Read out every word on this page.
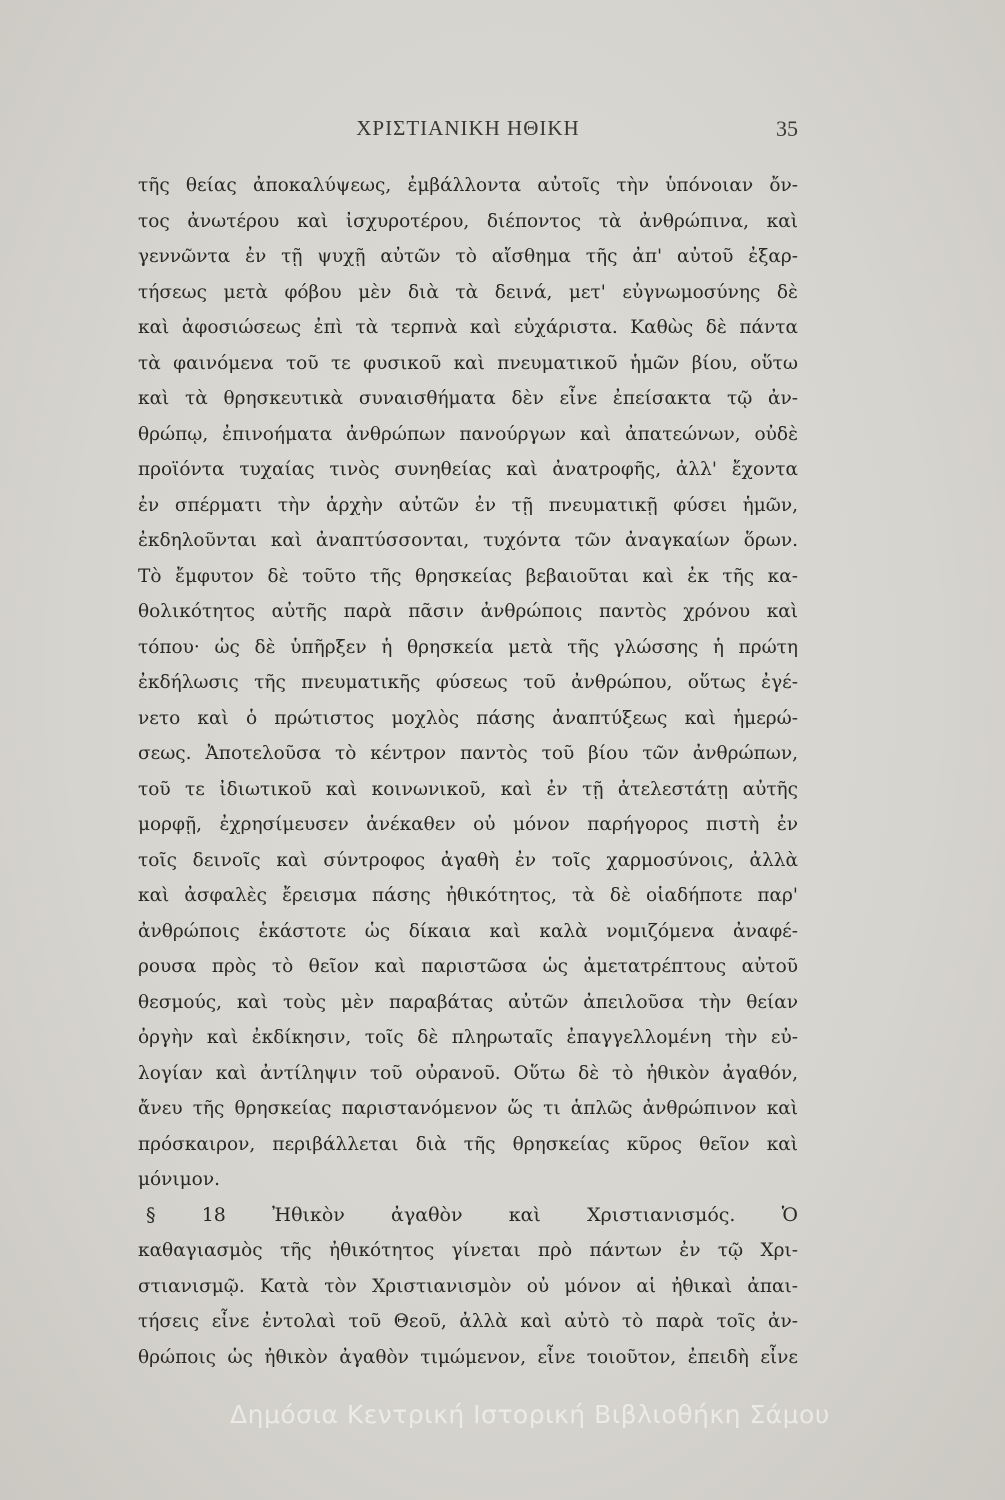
ΧΡΙΣΤΙΑΝΙΚΗ ΗΘΙΚΗ	35
τῆς θείας ἀποκαλύψεως, ἐμβάλλοντα αὐτοῖς τὴν ὑπόνοιαν ὄν-
τος ἀνωτέρου καὶ ἰσχυροτέρου, διέποντος τὰ ἀνθρώπινα, καὶ
γεννῶντα ἐν τῇ ψυχῇ αὐτῶν τὸ αἴσθημα τῆς ἀπ' αὐτοῦ ἐξαρ-
τήσεως μετὰ φόβου μὲν διὰ τὰ δεινά, μετ' εὐγνωμοσύνης δὲ
καὶ ἀφοσιώσεως ἐπὶ τὰ τερπνὰ καὶ εὐχάριστα. Καθὼς δὲ πάντα
τὰ φαινόμενα τοῦ τε φυσικοῦ καὶ πνευματικοῦ ἡμῶν βίου, οὕτω
καὶ τὰ θρησκευτικὰ συναισθήματα δὲν εἶνε ἐπείσακτα τῷ ἀν-
θρώπῳ, ἐπινοήματα ἀνθρώπων πανούργων καὶ ἀπατεώνων, οὐδὲ
προϊόντα τυχαίας τινὸς συνηθείας καὶ ἀνατροφῆς, ἀλλ' ἔχοντα
ἐν σπέρματι τὴν ἀρχὴν αὐτῶν ἐν τῇ πνευματικῇ φύσει ἡμῶν,
ἐκδηλοῦνται καὶ ἀναπτύσσονται, τυχόντα τῶν ἀναγκαίων ὅρων.
Τὸ ἔμφυτον δὲ τοῦτο τῆς θρησκείας βεβαιοῦται καὶ ἐκ τῆς κα-
θολικότητος αὐτῆς παρὰ πᾶσιν ἀνθρώποις παντὸς χρόνου καὶ
τόπου· ὡς δὲ ὑπῆρξεν ἡ θρησκεία μετὰ τῆς γλώσσης ἡ πρώτη
ἐκδήλωσις τῆς πνευματικῆς φύσεως τοῦ ἀνθρώπου, οὕτως ἐγέ-
νετο καὶ ὁ πρώτιστος μοχλὸς πάσης ἀναπτύξεως καὶ ἡμερώ-
σεως. Ἀποτελοῦσα τὸ κέντρον παντὸς τοῦ βίου τῶν ἀνθρώπων,
τοῦ τε ἰδιωτικοῦ καὶ κοινωνικοῦ, καὶ ἐν τῇ ἀτελεστάτῃ αὐτῆς
μορφῇ, ἐχρησίμευσεν ἀνέκαθεν οὐ μόνον παρήγορος πιστὴ ἐν
τοῖς δεινοῖς καὶ σύντροφος ἀγαθὴ ἐν τοῖς χαρμοσύνοις, ἀλλὰ
καὶ ἀσφαλὲς ἔρεισμα πάσης ἠθικότητος, τὰ δὲ οἱαδήποτε παρ'
ἀνθρώποις ἑκάστοτε ὡς δίκαια καὶ καλὰ νομιζόμενα ἀναφέ-
ρουσα πρὸς τὸ θεῖον καὶ παριστῶσα ὡς ἀμετατρέπτους αὐτοῦ
θεσμούς, καὶ τοὺς μὲν παραβάτας αὐτῶν ἀπειλοῦσα τὴν θείαν
ὀργὴν καὶ ἐκδίκησιν, τοῖς δὲ πληρωταῖς ἐπαγγελλομένη τὴν εὐ-
λογίαν καὶ ἀντίληψιν τοῦ οὐρανοῦ. Οὕτω δὲ τὸ ἠθικὸν ἀγαθόν,
ἄνευ τῆς θρησκείας παριστανόμενον ὥς τι ἁπλῶς ἀνθρώπινον καὶ
πρόσκαιρον, περιβάλλεται διὰ τῆς θρησκείας κῦρος θεῖον καὶ
μόνιμον.
§ 18 Ἠθικὸν ἀγαθὸν καὶ Χριστιανισμός. Ὁ
καθαγιασμὸς τῆς ἠθικότητος γίνεται πρὸ πάντων ἐν τῷ Χρι-
στιανισμῷ. Κατὰ τὸν Χριστιανισμὸν οὐ μόνον αἱ ἠθικαὶ ἀπαι-
τήσεις εἶνε ἐντολαὶ τοῦ Θεοῦ, ἀλλὰ καὶ αὐτὸ τὸ παρὰ τοῖς ἀν-
θρώποις ὡς ἠθικὸν ἀγαθὸν τιμώμενον, εἶνε τοιοῦτον, ἐπειδὴ εἶνε
Δημόσια Κεντρική Ιστορική Βιβλιοθήκη Σάμου
